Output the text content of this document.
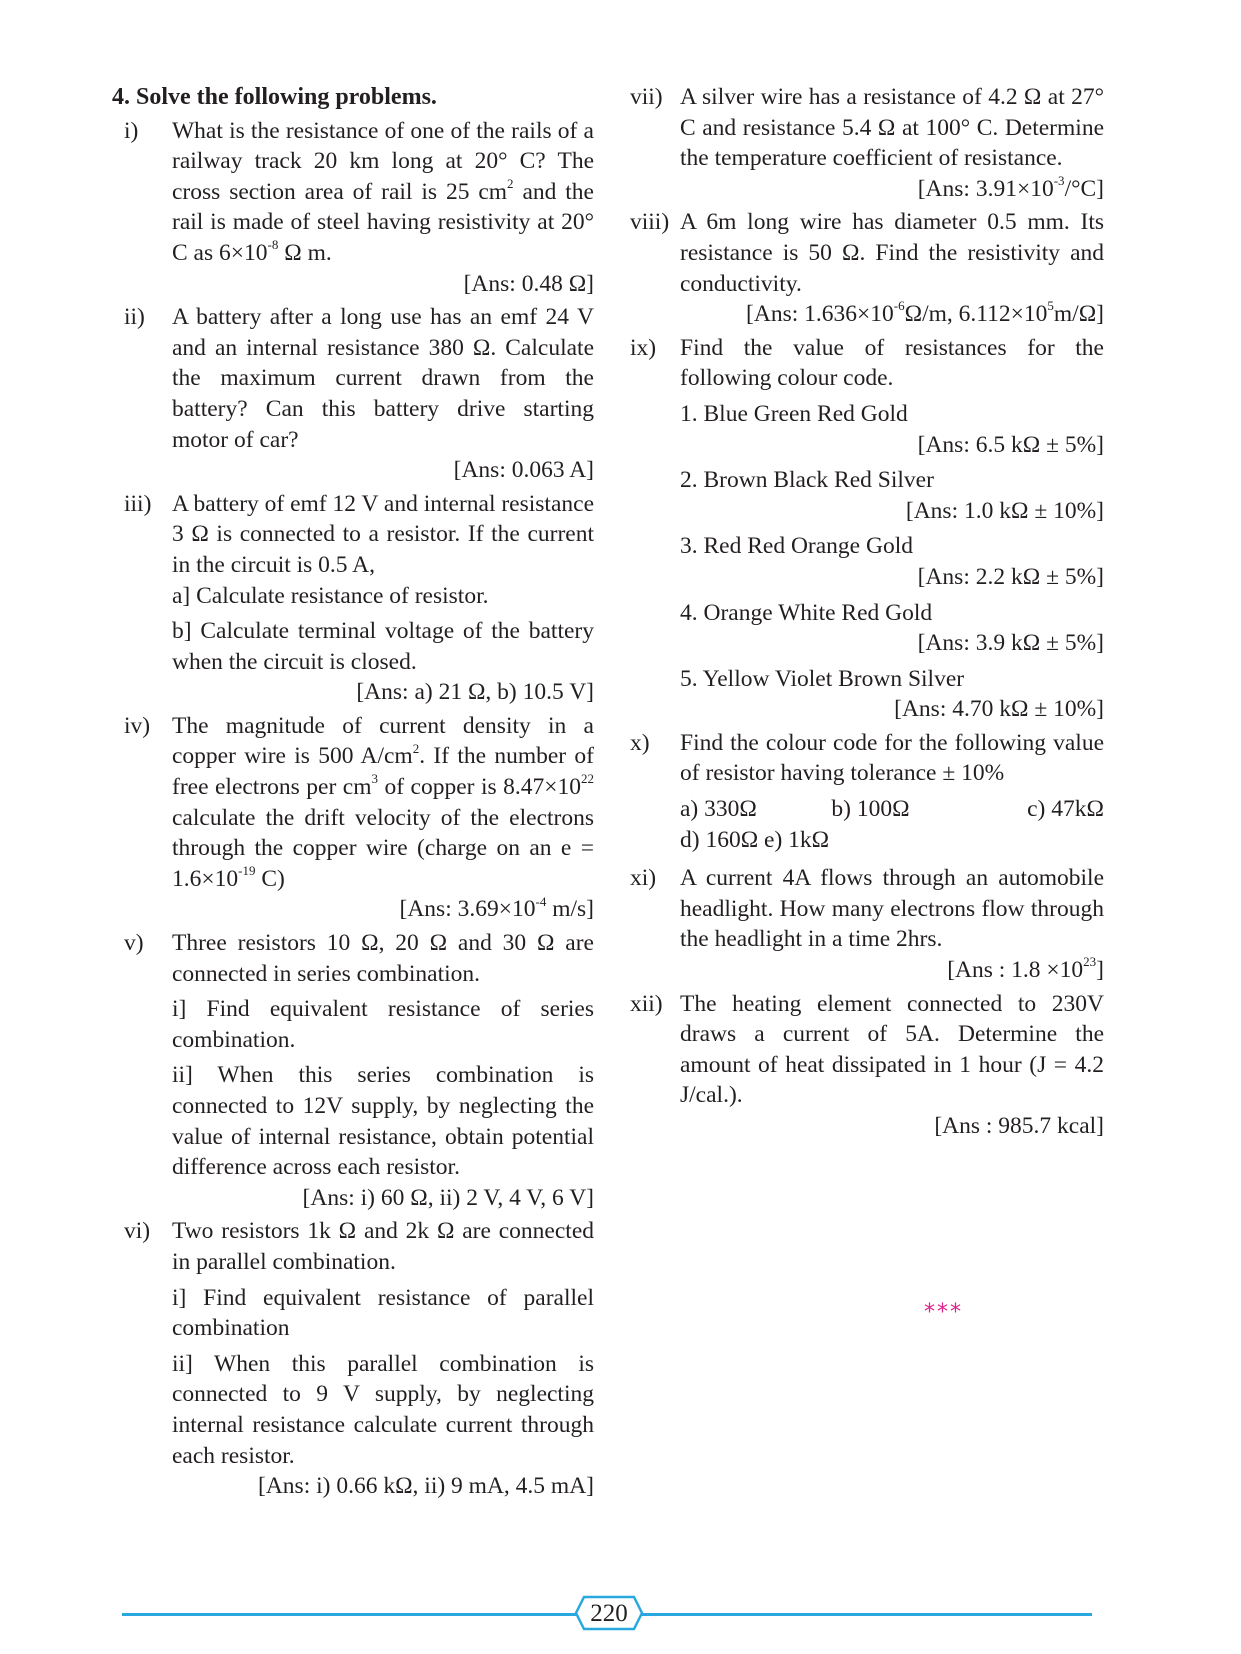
4. Solve the following problems.
i)	What is the resistance of one of the rails of a railway track 20 km long at 20° C? The cross section area of rail is 25 $cm^2$ and the rail is made of steel having resistivity at 20° C as $6\times 10^{-8}$ Ω m.

[Ans: 0.48 Ω]

ii)	A battery after a long use has an emf 24 V and an internal resistance 380 Ω. Calculate the maximum current drawn from the battery? Can this battery drive starting motor of car?

[Ans: 0.063 A]

iii) A battery of emf 12 V and internal resistance 3 Ω is connected to a resistor. If the current in the circuit is 0.5 A,

a] Calculate resistance of resistor.

b] Calculate terminal voltage of the battery when the circuit is closed.

[Ans: a) 21 Ω, b) 10.5 V]

iv) The magnitude of current density in a copper wire is 500 $A/cm^2$. If the number of free electrons per $cm^3$ of copper is $8.47\times 10^{22}$ calculate the drift velocity of the electrons through the copper wire (charge on an $e = 1.6\times 10^{-19}$ C)

[Ans: $3.69\times 10^{-4}$ m/s]

v)	Three resistors 10 Ω, 20 Ω and 30 Ω are connected in series combination.

i] Find equivalent resistance of series combination.

ii] When this series combination is connected to 12V supply, by neglecting the value of internal resistance, obtain potential difference across each resistor.

[Ans: i) 60 Ω, ii) 2 V, 4 V, 6 V]

vi) Two resistors 1k Ω and 2k Ω are connected in parallel combination.

i] Find equivalent resistance of parallel combination

ii] When this parallel combination is connected to 9 V supply, by neglecting internal resistance calculate current through each resistor.

[Ans: i) 0.66 kΩ, ii) 9 mA, 4.5 mA]

vii) A silver wire has a resistance of 4.2 Ω at 27° C and resistance 5.4 Ω at 100° C. Determine the temperature coefficient of resistance.

[Ans: $3.91\times 10^{-3}/^\circ C$]

viii) A 6m long wire has diameter 0.5 mm. Its resistance is 50 Ω. Find the resistivity and conductivity.

[Ans: $1.636\times 10^{-6}\Omega/m$, $6.112\times 10^5m/\Omega$]

ix)	Find the value of resistances for the following colour code.

1. Blue Green Red Gold

[Ans: 6.5 kΩ ± 5%]

2. Brown Black Red Silver

[Ans: 1.0 kΩ ± 10%]

3. Red Red Orange Gold

[Ans: 2.2 kΩ ± 5%]

4. Orange White Red Gold

[Ans: 3.9 kΩ ± 5%]

5. Yellow Violet Brown Silver

[Ans: 4.70 kΩ ± 10%]

x)	Find the colour code for the following value of resistor having tolerance ± 10%

a) 330Ω	b) 100Ω	c) 47kΩ

d) 160Ω e) 1kΩ

xi)	A current 4A flows through an automobile headlight. How many electrons flow through the headlight in a time 2hrs.

[Ans : $1.8 \times 10^{23}$]

xii) The heating element connected to 230V draws a current of 5A. Determine the amount of heat dissipated in 1 hour (J = 4.2 J/cal.).

[Ans : 985.7 kcal]

***
220
